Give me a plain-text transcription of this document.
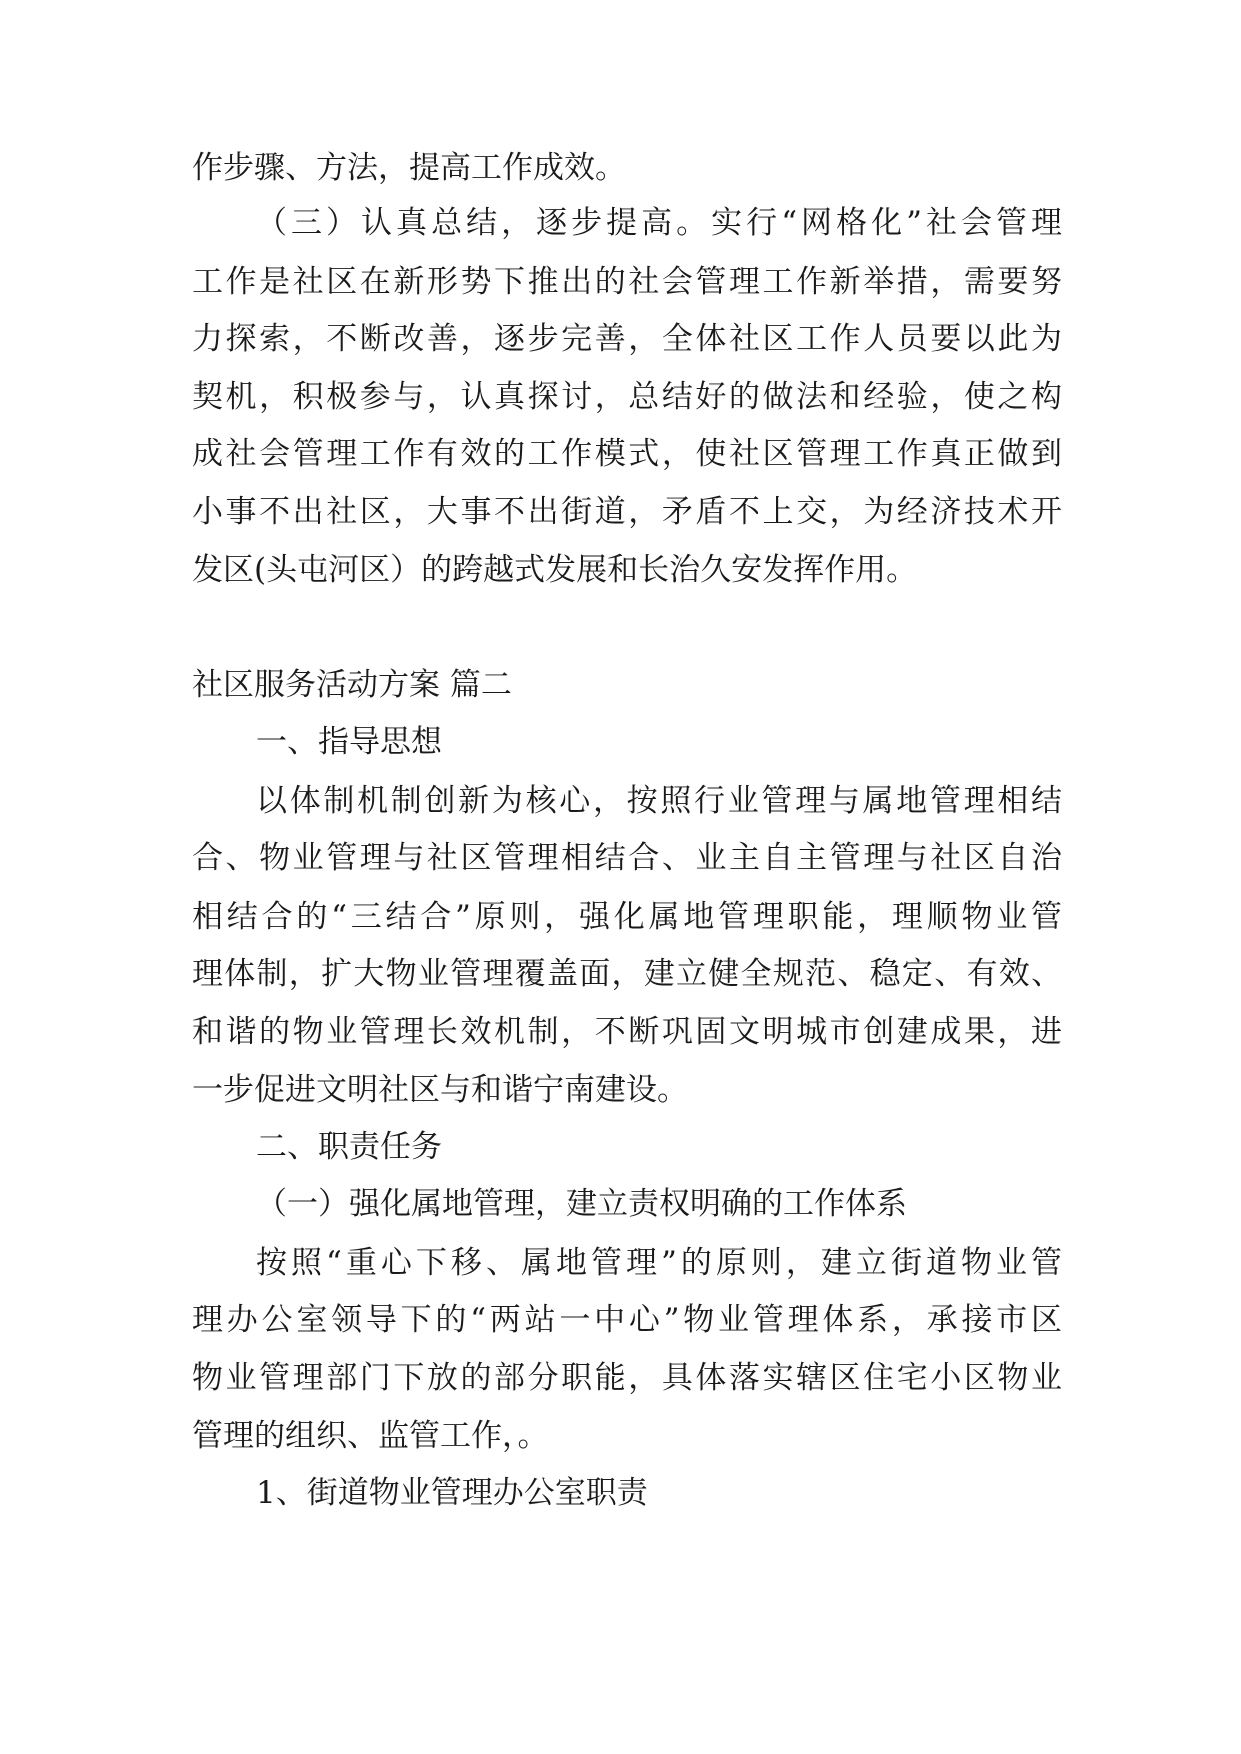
作步骤、方法，提高工作成效。
（三）认真总结，逐步提高。实行“网格化”社会管理
工作是社区在新形势下推出的社会管理工作新举措，需要努
力探索，不断改善，逐步完善，全体社区工作人员要以此为
契机，积极参与，认真探讨，总结好的做法和经验，使之构
成社会管理工作有效的工作模式，使社区管理工作真正做到
小事不出社区，大事不出街道，矛盾不上交，为经济技术开
发区(头屯河区）的跨越式发展和长治久安发挥作用。
社区服务活动方案 篇二
一、指导思想
以体制机制创新为核心，按照行业管理与属地管理相结
合、物业管理与社区管理相结合、业主自主管理与社区自治
相结合的“三结合”原则，强化属地管理职能，理顺物业管
理体制，扩大物业管理覆盖面，建立健全规范、稳定、有效、
和谐的物业管理长效机制，不断巩固文明城市创建成果，进
一步促进文明社区与和谐宁南建设。
二、职责任务
（一）强化属地管理，建立责权明确的工作体系
按照“重心下移、属地管理”的原则，建立街道物业管
理办公室领导下的“两站一中心”物业管理体系，承接市区
物业管理部门下放的部分职能，具体落实辖区住宅小区物业
管理的组织、监管工作，。
1、街道物业管理办公室职责
